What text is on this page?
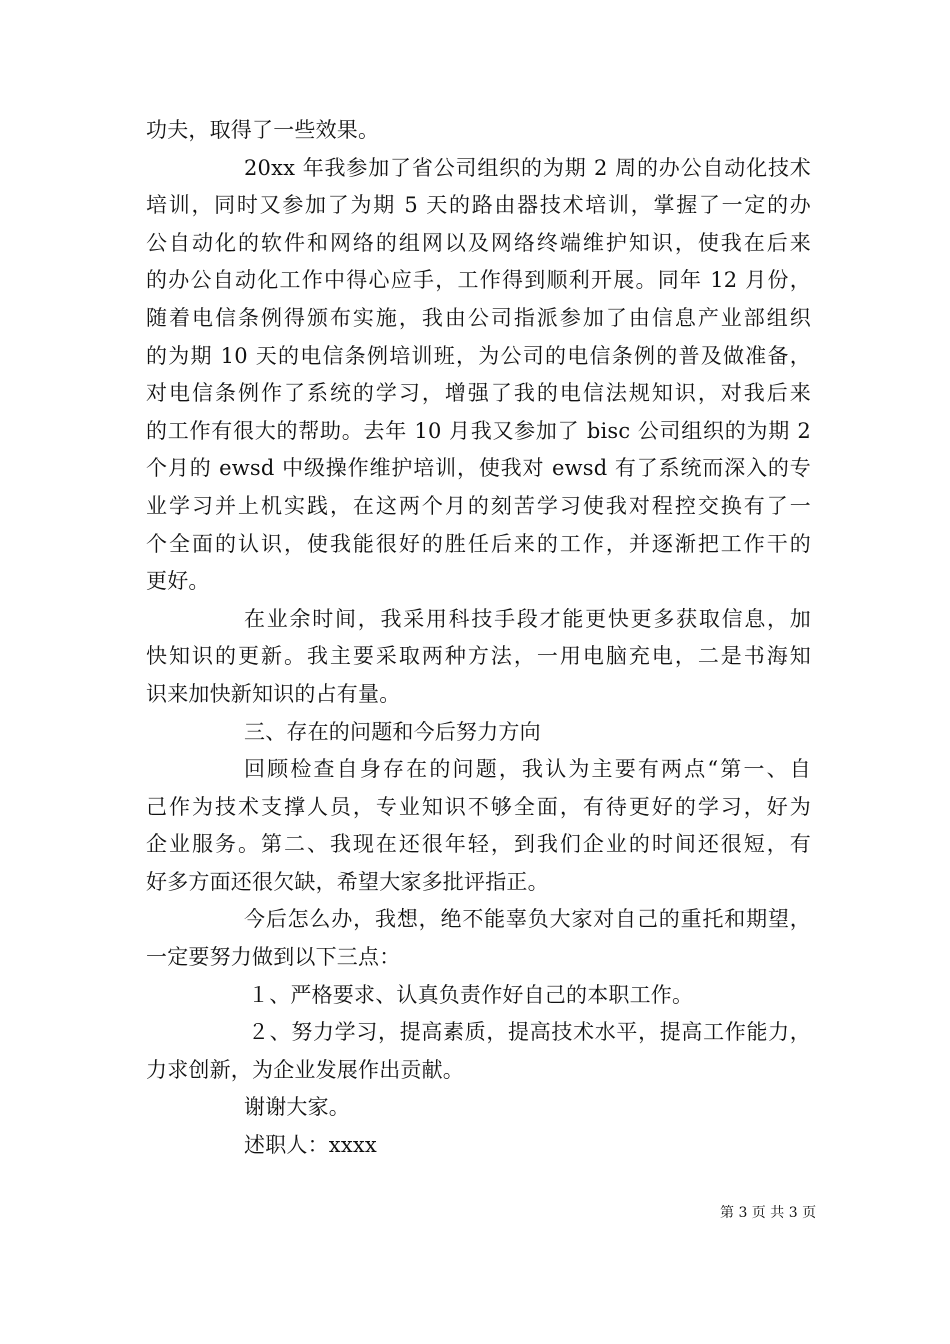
功夫，取得了一些效果。
20xx 年我参加了省公司组织的为期 2 周的办公自动化技术
培训，同时又参加了为期 5 天的路由器技术培训，掌握了一定的办
公自动化的软件和网络的组网以及网络终端维护知识，使我在后来
的办公自动化工作中得心应手，工作得到顺利开展。同年 12 月份，
随着电信条例得颁布实施，我由公司指派参加了由信息产业部组织
的为期 10 天的电信条例培训班，为公司的电信条例的普及做准备，
对电信条例作了系统的学习，增强了我的电信法规知识，对我后来
的工作有很大的帮助。去年 10 月我又参加了 bisc 公司组织的为期 2
个月的 ewsd 中级操作维护培训，使我对 ewsd 有了系统而深入的专
业学习并上机实践，在这两个月的刻苦学习使我对程控交换有了一
个全面的认识，使我能很好的胜任后来的工作，并逐渐把工作干的
更好。
在业余时间，我采用科技手段才能更快更多获取信息，加
快知识的更新。我主要采取两种方法，一用电脑充电，二是书海知
识来加快新知识的占有量。
三、存在的问题和今后努力方向
回顾检查自身存在的问题，我认为主要有两点“第一、自
己作为技术支撑人员，专业知识不够全面，有待更好的学习，好为
企业服务。第二、我现在还很年轻，到我们企业的时间还很短，有
好多方面还很欠缺，希望大家多批评指正。
今后怎么办，我想，绝不能辜负大家对自己的重托和期望，
一定要努力做到以下三点：
１、严格要求、认真负责作好自己的本职工作。
２、努力学习，提高素质，提高技术水平，提高工作能力，
力求创新，为企业发展作出贡献。
谢谢大家。
述职人：xxxx
第 3 页 共 3 页
